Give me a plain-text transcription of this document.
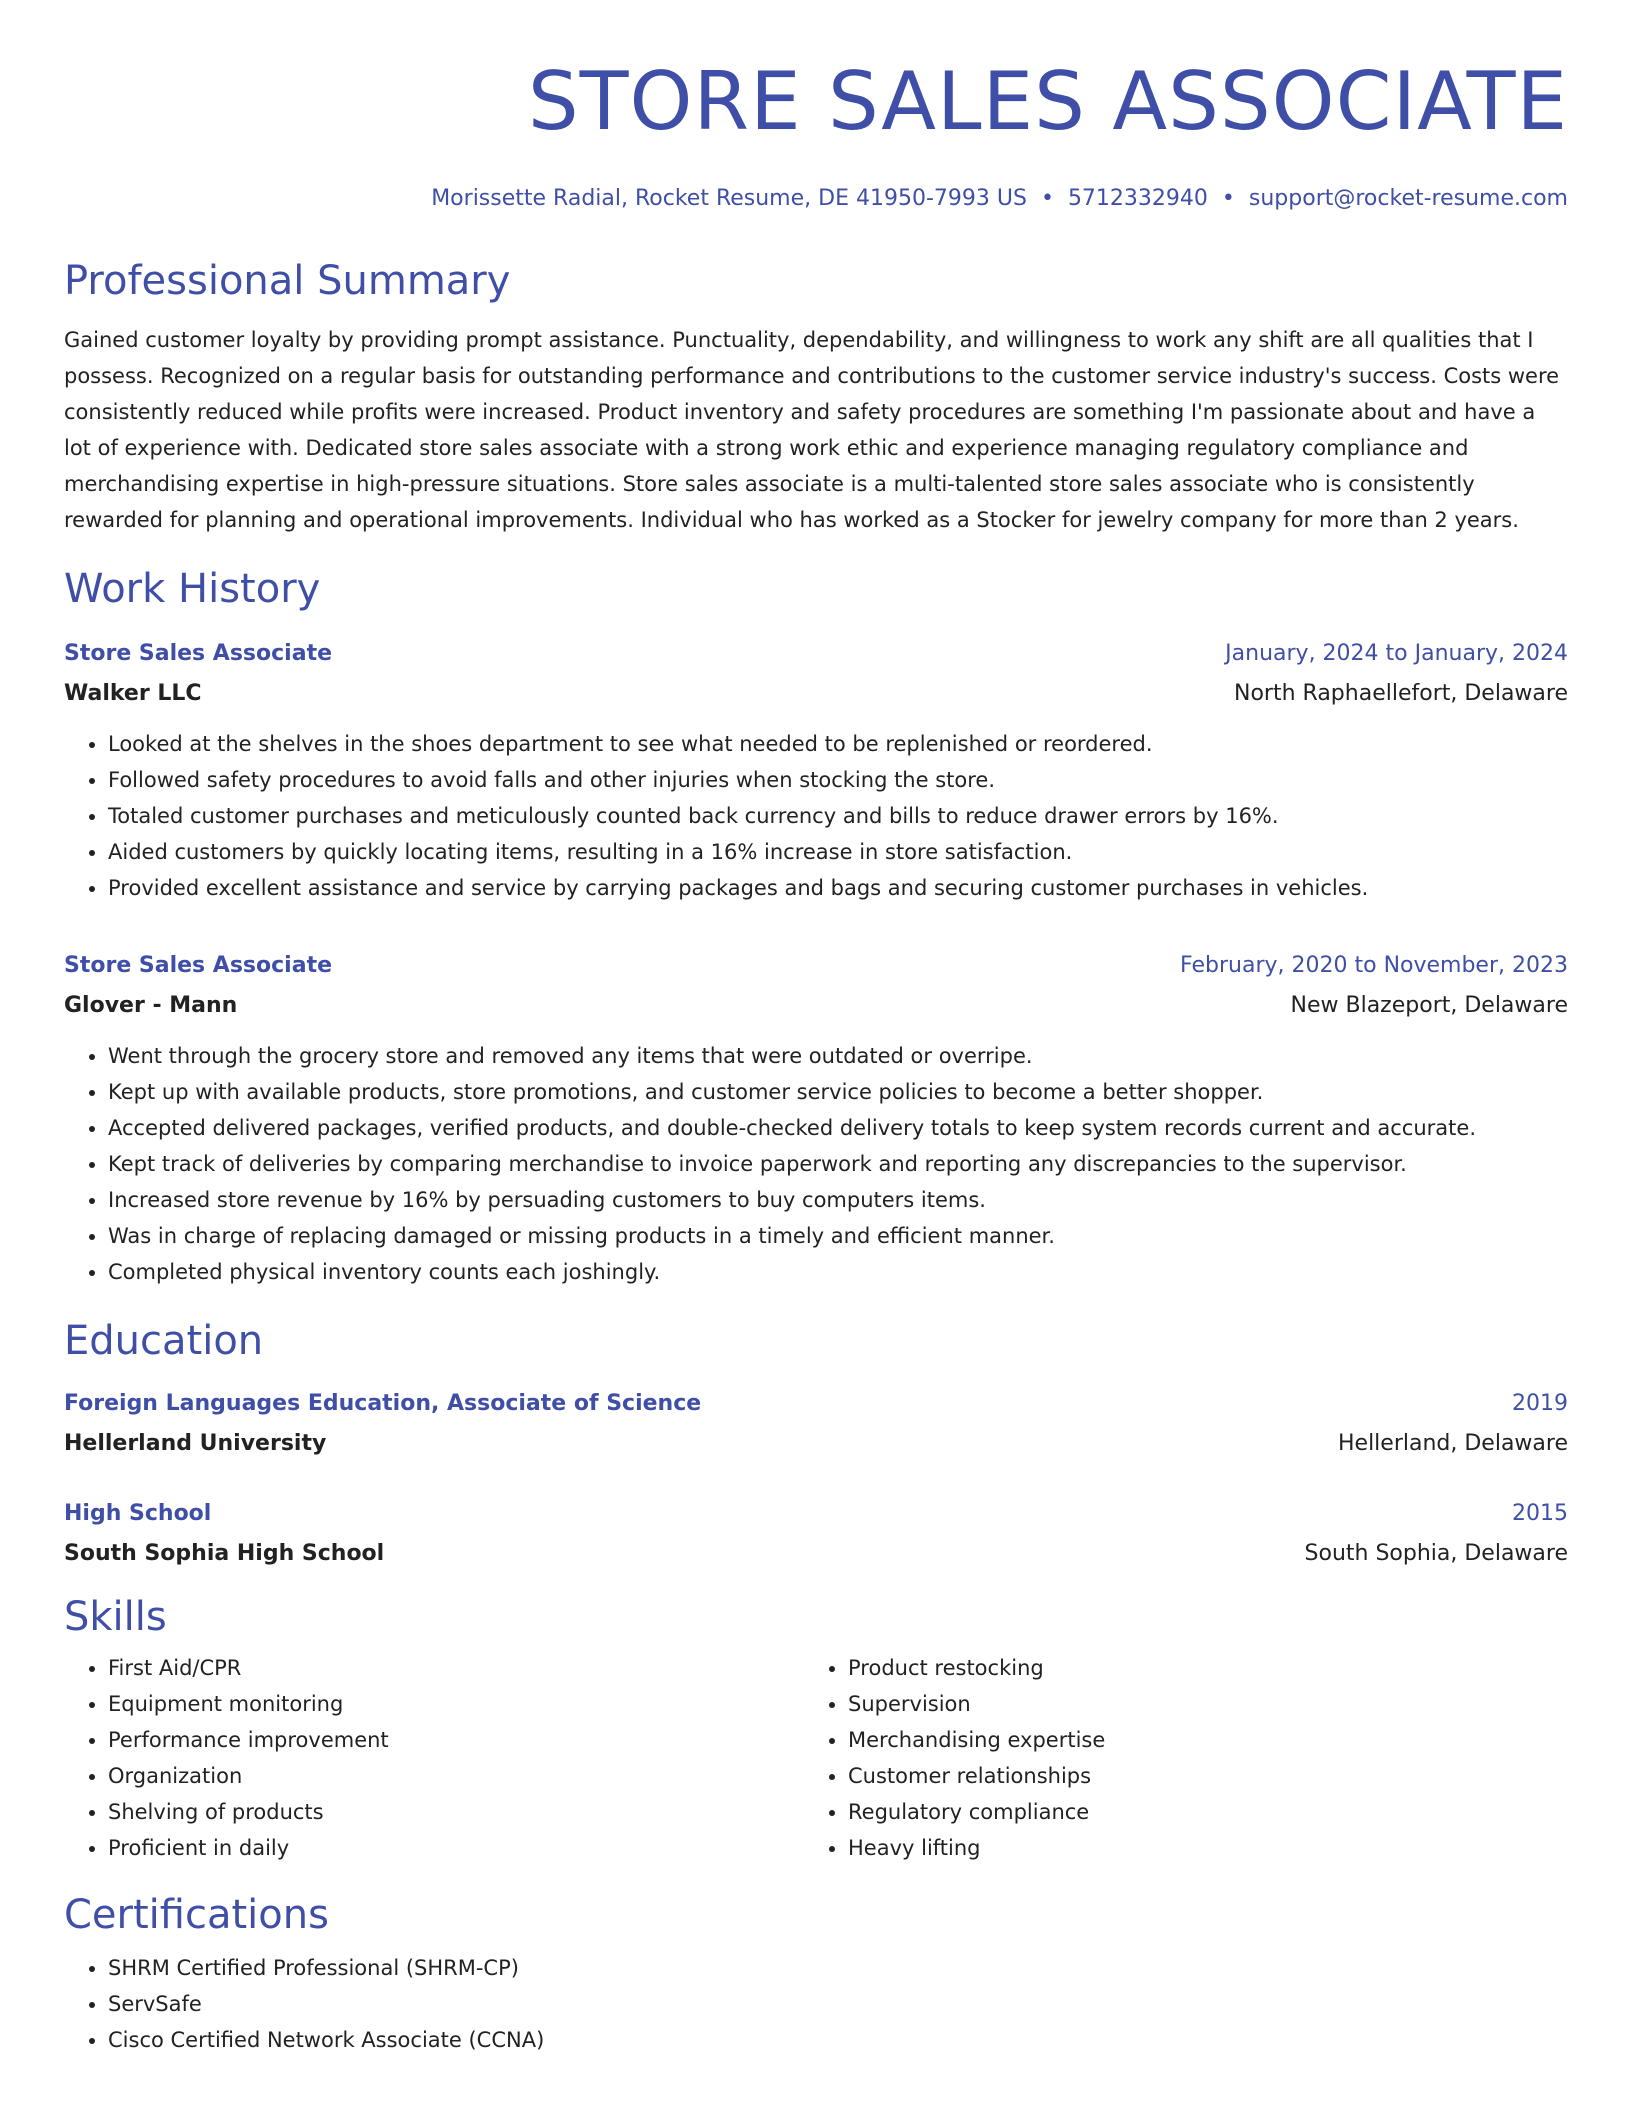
STORE SALES ASSOCIATE
Morissette Radial, Rocket Resume, DE 41950-7993 US • 5712332940 • support@rocket-resume.com
Professional Summary

Gained customer loyalty by providing prompt assistance. Punctuality, dependability, and willingness to work any shift are all qualities that I possess. Recognized on a regular basis for outstanding performance and contributions to the customer service industry's success. Costs were consistently reduced while profits were increased. Product inventory and safety procedures are something I'm passionate about and have a lot of experience with. Dedicated store sales associate with a strong work ethic and experience managing regulatory compliance and merchandising expertise in high-pressure situations. Store sales associate is a multi-talented store sales associate who is consistently rewarded for planning and operational improvements. Individual who has worked as a Stocker for jewelry company for more than 2 years.

Work History
Store Sales Associate	January, 2024 to January, 2024
Walker LLC	North Raphaellefort, Delaware
• Looked at the shelves in the shoes department to see what needed to be replenished or reordered.
• Followed safety procedures to avoid falls and other injuries when stocking the store.
• Totaled customer purchases and meticulously counted back currency and bills to reduce drawer errors by 16%.
• Aided customers by quickly locating items, resulting in a 16% increase in store satisfaction.
• Provided excellent assistance and service by carrying packages and bags and securing customer purchases in vehicles.
Store Sales Associate	February, 2020 to November, 2023
Glover - Mann	New Blazeport, Delaware
• Went through the grocery store and removed any items that were outdated or overripe.
• Kept up with available products, store promotions, and customer service policies to become a better shopper.
• Accepted delivered packages, verified products, and double-checked delivery totals to keep system records current and accurate.
• Kept track of deliveries by comparing merchandise to invoice paperwork and reporting any discrepancies to the supervisor.
• Increased store revenue by 16% by persuading customers to buy computers items.
• Was in charge of replacing damaged or missing products in a timely and efficient manner.
• Completed physical inventory counts each joshingly.
Education
Foreign Languages Education, Associate of Science	2019
Hellerland University	Hellerland, Delaware
High School	2015
South Sophia High School	South Sophia, Delaware
Skills
• First Aid/CPR
• Equipment monitoring
• Performance improvement
• Organization
• Shelving of products
• Proficient in daily
• Product restocking
• Supervision
• Merchandising expertise
• Customer relationships
• Regulatory compliance
• Heavy lifting
Certifications
• SHRM Certified Professional (SHRM-CP)
• ServSafe
• Cisco Certified Network Associate (CCNA)
